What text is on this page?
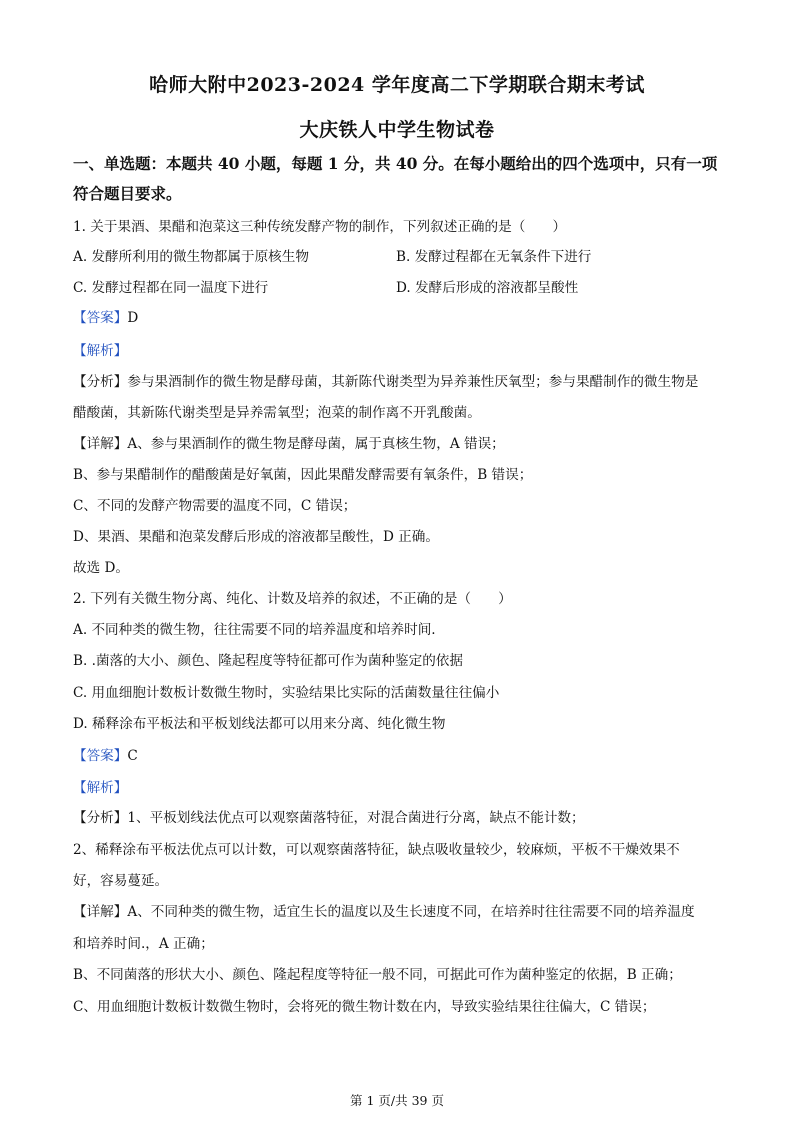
哈师大附中2023-2024 学年度高二下学期联合期末考试
大庆铁人中学生物试卷
一、单选题：本题共 40 小题，每题 1 分，共 40 分。在每小题给出的四个选项中，只有一项
符合题目要求。
1. 关于果酒、果醋和泡菜这三种传统发酵产物的制作，下列叙述正确的是（　　）
A. 发酵所利用的微生物都属于原核生物	B. 发酵过程都在无氧条件下进行
C. 发酵过程都在同一温度下进行	D. 发酵后形成的溶液都呈酸性
【答案】D
【解析】
【分析】参与果酒制作的微生物是酵母菌，其新陈代谢类型为异养兼性厌氧型；参与果醋制作的微生物是
醋酸菌，其新陈代谢类型是异养需氧型；泡菜的制作离不开乳酸菌。
【详解】A、参与果酒制作的微生物是酵母菌，属于真核生物，A 错误；
B、参与果醋制作的醋酸菌是好氧菌，因此果醋发酵需要有氧条件，B 错误；
C、不同的发酵产物需要的温度不同，C 错误；
D、果酒、果醋和泡菜发酵后形成的溶液都呈酸性，D 正确。
故选 D。
2. 下列有关微生物分离、纯化、计数及培养的叙述，不正确的是（　　）
A. 不同种类的微生物，往往需要不同的培养温度和培养时间.
B. .菌落的大小、颜色、隆起程度等特征都可作为菌种鉴定的依据
C. 用血细胞计数板计数微生物时，实验结果比实际的活菌数量往往偏小
D. 稀释涂布平板法和平板划线法都可以用来分离、纯化微生物
【答案】C
【解析】
【分析】1、平板划线法优点可以观察菌落特征，对混合菌进行分离，缺点不能计数；
2、稀释涂布平板法优点可以计数，可以观察菌落特征，缺点吸收量较少，较麻烦，平板不干燥效果不
好，容易蔓延。
【详解】A、不同种类的微生物，适宜生长的温度以及生长速度不同，在培养时往往需要不同的培养温度
和培养时间.，A 正确；
B、不同菌落的形状大小、颜色、隆起程度等特征一般不同，可据此可作为菌种鉴定的依据，B 正确；
C、用血细胞计数板计数微生物时，会将死的微生物计数在内，导致实验结果往往偏大，C 错误；
第 1 页/共 39 页
